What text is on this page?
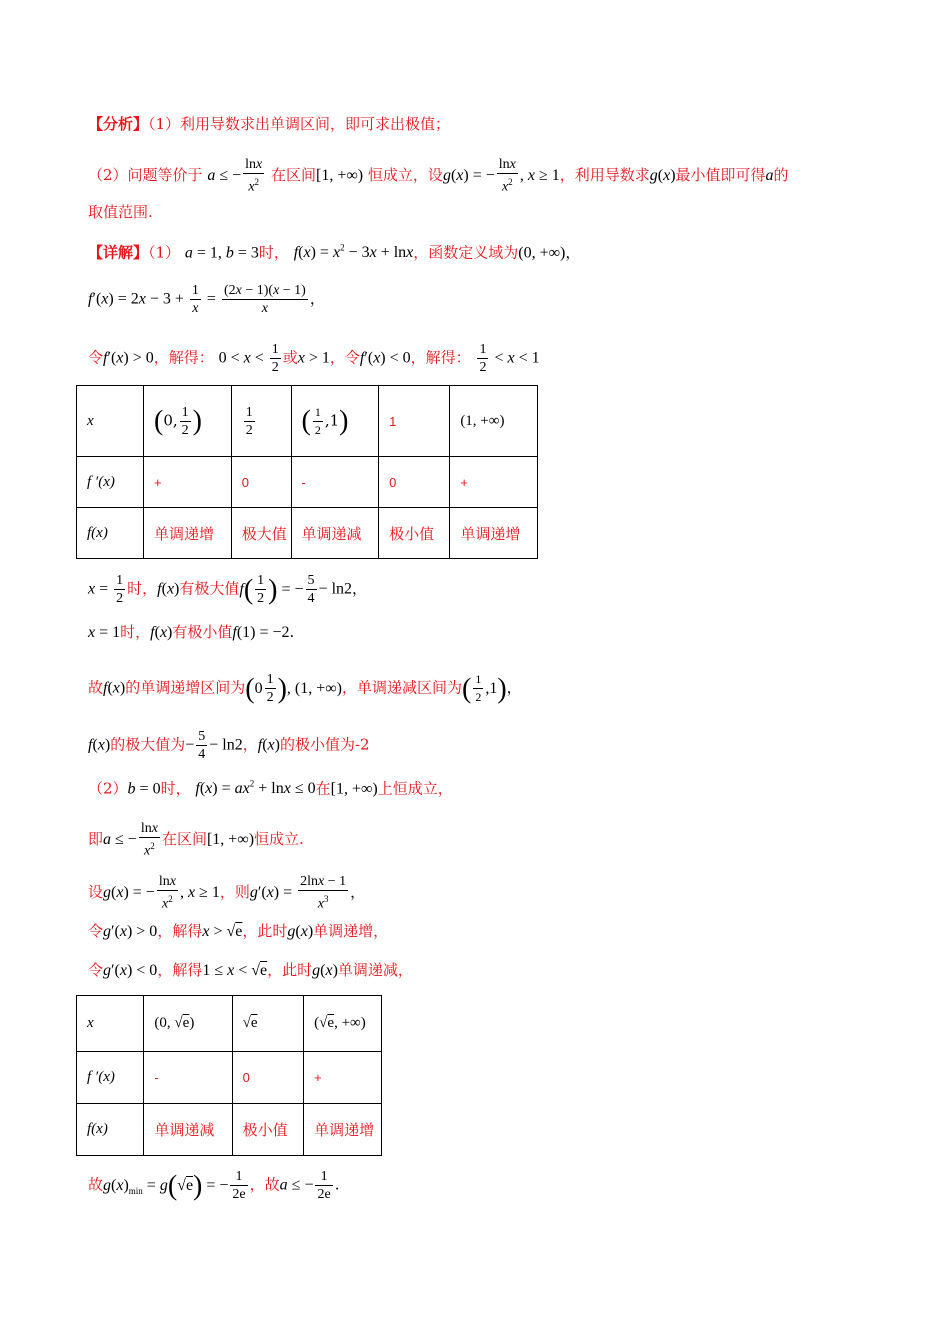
【分析】（1）利用导数求出单调区间，即可求出极值；
（2）问题等价于 a ≤ − $\frac{\ln x}{x^2}$ 在区间[1, +∞) 恒成立，设g(x) = − $\frac{\ln x}{x^2}$ , x ≥ 1，利用导数求g(x)最小值即可得a的
取值范围.
【详解】（1） a = 1, b = 3时， $f(x) = x^2 - 3x + \ln x$，函数定义域为(0, +∞)，
$f'(x) = 2x - 3 + \frac{1}{x} = \frac{(2x - 1)(x - 1)}{x}$ ，
令f′(x) > 0，解得： $0 < x < \frac{1}{2}$ 或x > 1，令f′(x) < 0，解得： $\frac{1}{2} < x < 1$
x	(0, $\frac{1}{2}$ )	$\frac{1}{2}$	( $\frac{1}{2} ,1$)	1	(1, +∞)
f ′(x)	+	0	-	0	+
f(x)	单调递增	极大值	单调递减	极小值	单调递增
$x = \frac{1}{2}$ 时，f(x)有极大值$f( \frac{1}{2}$ ) = − $\frac{5}{4} - \ln 2$，
x = 1时，f(x)有极小值f(1) = −2.
故f(x)的单调递增区间为($0 \frac{1}{2}$ ), (1, +∞)，单调递减区间为( $\frac{1}{2} ,1$)，
f(x)的极大值为− $\frac{5}{4} - \ln 2$，f(x)的极小值为-2
（2）b = 0时， $f(x) = ax^2 + \ln x \le 0$在[1, +∞)上恒成立，
即a ≤ − $\frac{\ln x}{x^2}$ 在区间[1, +∞)恒成立.
设g(x) = − $\frac{\ln x}{x^2}$ , x ≥ 1，则$g'(x) = \frac{2\ln x - 1}{x^3}$ ，
令g′(x) > 0，解得x > √e，此时g(x)单调递增，
令g′(x) < 0，解得1 ≤ x < √e，此时g(x)单调递减，
x	(0, √e)	√e	(√e, +∞)
f ′(x)	-	0	+
f(x)	单调递减	极小值	单调递增
故$g(x)_{min} = g(√e)$ = − $\frac{1}{2e}$ ，故a ≤ − $\frac{1}{2e}$ .
